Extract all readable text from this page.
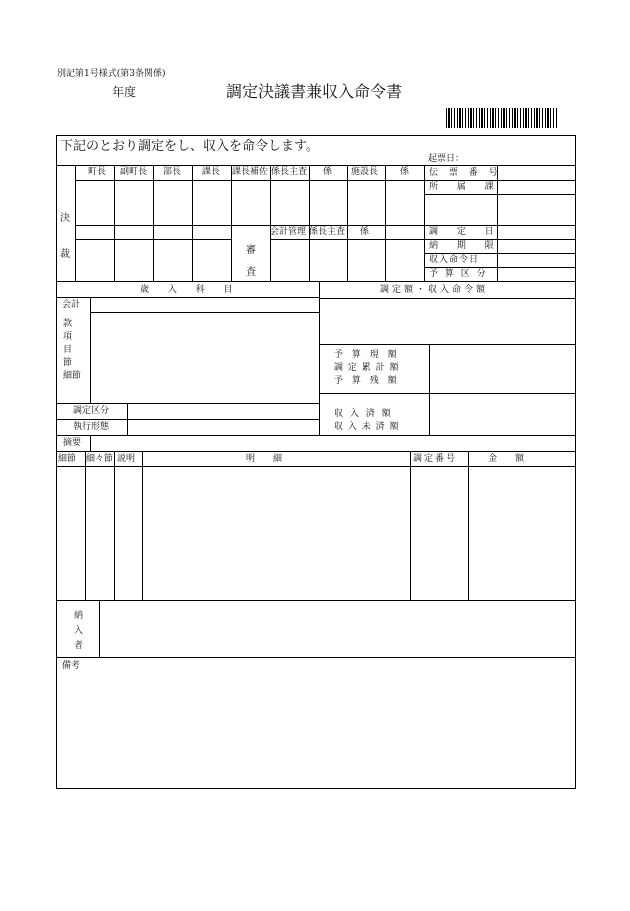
別記第1号様式(第3条関係)
年度	調定決議書兼収入命令書
下記のとおり調定をし、収入を命令します。
起票日：
決

裁
町長 副町長 部長 課長 課長補佐 係長主査 係 施設長 係
会計管理 係長主査 係
審
査
伝 票 番 号
所 属 課
調 定 日
納 期 限
収入命令日
予 算 区 分
歳 入 科 目	調定額・収入命令額
会計
款
項
目
節
細節
予 算 現 額
調 定 累 計 額
予 算 残 額
調定区分
執行形態
収 入 済 額
収 入 未 済 額
摘要
細節 細々節 説明	明　　細	調定番号	金　　額
納
入
者
備考
